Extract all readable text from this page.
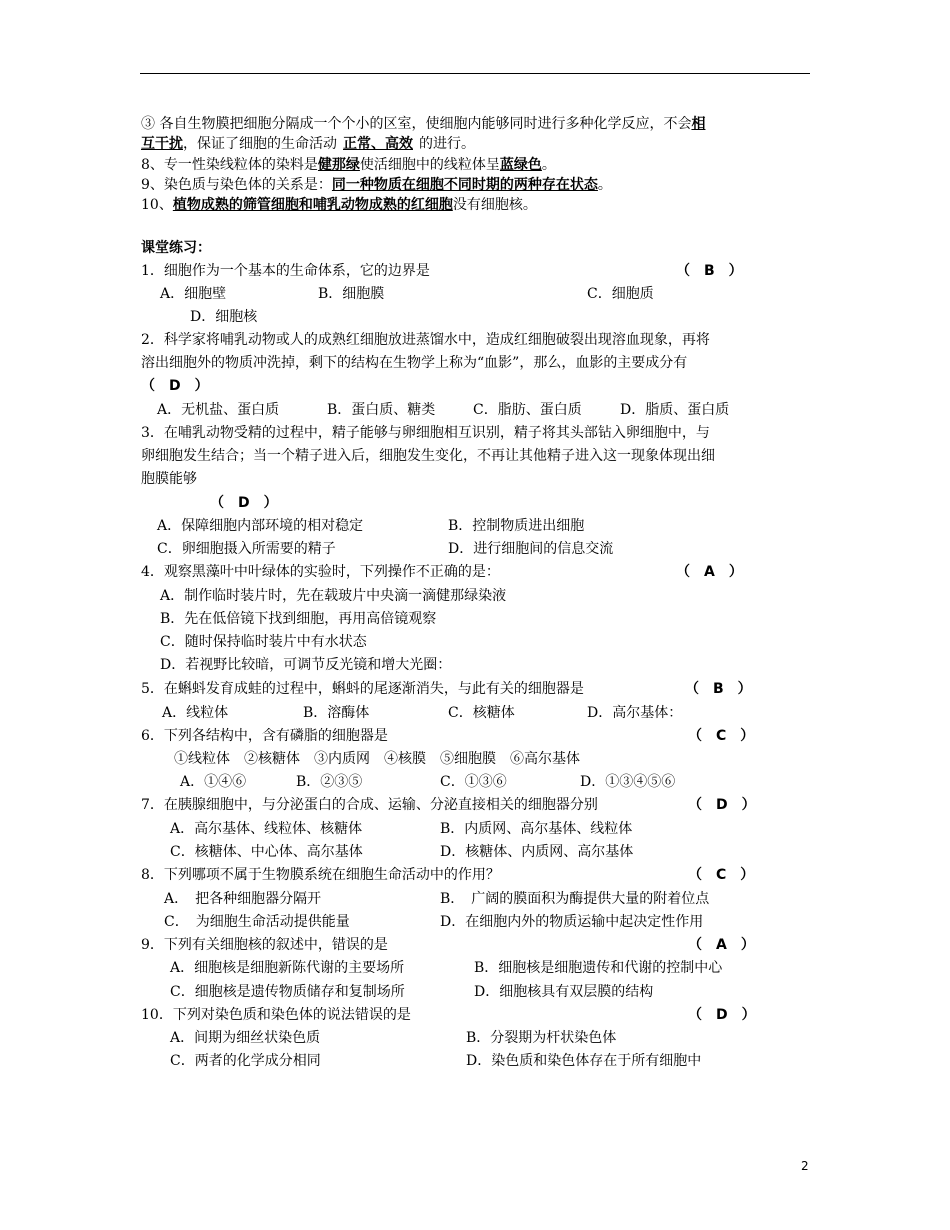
③ 各自生物膜把细胞分隔成一个个小的区室，使细胞内能够同时进行多种化学反应，不会相
互干扰，保证了细胞的生命活动 正常、高效 的进行。
8、专一性染线粒体的染料是健那绿使活细胞中的线粒体呈蓝绿色。
9、染色质与染色体的关系是：同一种物质在细胞不同时期的两种存在状态。
10、植物成熟的筛管细胞和哺乳动物成熟的红细胞没有细胞核。
课堂练习：
1．细胞作为一个基本的生命体系，它的边界是	（　B　）
A．细胞壁	B．细胞膜	C．细胞质
D．细胞核
2．科学家将哺乳动物或人的成熟红细胞放进蒸馏水中，造成红细胞破裂出现溶血现象，再将
溶出细胞外的物质冲洗掉，剩下的结构在生物学上称为“血影”，那么，血影的主要成分有
（　D　）
A．无机盐、蛋白质	B．蛋白质、糖类	C．脂肪、蛋白质	D．脂质、蛋白质
3．在哺乳动物受精的过程中，精子能够与卵细胞相互识别，精子将其头部钻入卵细胞中，与
卵细胞发生结合；当一个精子进入后，细胞发生变化，不再让其他精子进入这一现象体现出细
胞膜能够
（　D　）
A．保障细胞内部环境的相对稳定	B．控制物质进出细胞
C．卵细胞摄入所需要的精子	D．进行细胞间的信息交流
4．观察黑藻叶中叶绿体的实验时，下列操作不正确的是：	（　A　）
A．制作临时装片时，先在载玻片中央滴一滴健那绿染液
B．先在低倍镜下找到细胞，再用高倍镜观察
C．随时保持临时装片中有水状态
D．若视野比较暗，可调节反光镜和增大光圈：
5．在蝌蚪发育成蛙的过程中，蝌蚪的尾逐渐消失，与此有关的细胞器是	（　B　）
A．线粒体	B．溶酶体	C．核糖体	D．高尔基体：
6．下列各结构中，含有磷脂的细胞器是	（　C　）
①线粒体　②核糖体　③内质网　④核膜　⑤细胞膜　⑥高尔基体
A．①④⑥	B．②③⑤	C．①③⑥	D．①③④⑤⑥
7．在胰腺细胞中，与分泌蛋白的合成、运输、分泌直接相关的细胞器分别	（　D　）
A．高尔基体、线粒体、核糖体	B．内质网、高尔基体、线粒体
C．核糖体、中心体、高尔基体	D．核糖体、内质网、高尔基体
8．下列哪项不属于生物膜系统在细胞生命活动中的作用？	（　C　）
A．　把各种细胞器分隔开	B．　广阔的膜面积为酶提供大量的附着位点
C．　为细胞生命活动提供能量	D．在细胞内外的物质运输中起决定性作用
9．下列有关细胞核的叙述中，错误的是	（　A　）
A．细胞核是细胞新陈代谢的主要场所	B．细胞核是细胞遗传和代谢的控制中心
C．细胞核是遗传物质储存和复制场所	D．细胞核具有双层膜的结构
10．下列对染色质和染色体的说法错误的是	（　D　）
A．间期为细丝状染色质	B．分裂期为杆状染色体
C．两者的化学成分相同	D．染色质和染色体存在于所有细胞中
2
